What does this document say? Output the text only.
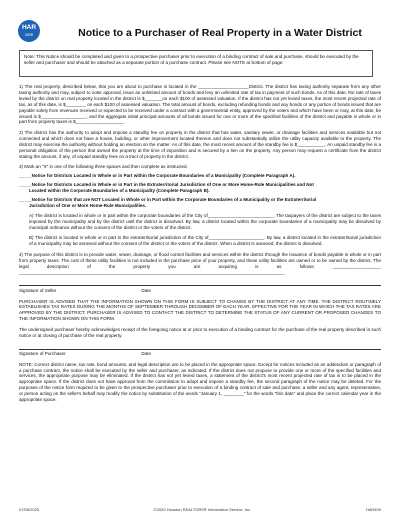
HAR
com	Notice to a Purchaser of Real Property in a Water District
Note: This Notice should be completed and given to a prospective purchaser prior to execution of a binding contract of sale and purchase, should be executed by the seller and purchaser and should be attached as a separate portion of a purchase contract. Please see NOTE at bottom of page.

1) The real property, described below, that you are about to purchase is located in the ____________________District. The district has taxing authority separate from any other taxing authority and may, subject to voter approval, issue an unlimited amount of bonds and levy an unlimited rate of tax in payment of such bonds. As of this date, the rate of taxes levied by the district on real property located in the district is $_______on each $100 of assessed valuation. If the district has not yet levied taxes, the most recent projected rate of tax, as of this date, is $________ on each $100 of assessed valuation. The total amount of bonds, excluding refunding bonds and any bonds or any portion of bonds issued that are payable solely from revenues received or expected to be received under a contract with a governmental entity, approved by the voters and which have been or may, at this date, be issued is $__________________, and the aggregate initial principal amounts of all bonds issued for one or more of the specified facilities of the district and payable in whole or in part from property taxes is $___________________.

2) The district has the authority to adopt and impose a standby fee on property in the district that has water, sanitary sewer, or drainage facilities and services available but not connected and which does not have a house, building, or other improvement located thereon and does not substantially utilize the utility capacity available to the property. The district may exercise the authority without holding an election on the matter. As of this date, the most recent amount of the standby fee is $___________. An unpaid standby fee is a personal obligation of the person that owned the property at the time of imposition and is secured by a lien on the property. Any person may request a certificate from the district stating the amount, if any, of unpaid standby fees on a tract of property in the district.

3) Mark an "X" in one of the following three spaces and then complete as instructed.

_____Notice for Districts Located in Whole or in Part within the Corporate Boundaries of a Municipality (Complete Paragraph A).

_____Notice for Districts Located in Whole or in Part in the Extraterritorial Jurisdiction of One or More Home-Rule Municipalities and Not

Located within the Corporate Boundaries of a Municipality (Complete Paragraph B).

_____Notice for Districts that are NOT Located in Whole or in Part within the Corporate Boundaries of a Municipality or the Extraterritorial

Jurisdiction of One or More Home-Rule Municipalities.

A) The district is located in whole or in part within the corporate boundaries of the City of__________________________. The taxpayers of the district are subject to the taxes imposed by the municipality and by the district until the district is dissolved. By law, a district located within the corporate boundaries of a municipality may be dissolved by municipal ordinance without the consent of the district or the voters of the district.

B) The district is located in whole or in part in the extraterritorial jurisdiction of the City of______________________. By law, a district located in the extraterritorial jurisdiction of a municipality may be annexed without the consent of the district or the voters of the district. When a district is annexed, the district is dissolved.

4) The purpose of this district is to provide water, sewer, drainage, or flood control facilities and services within the district through the issuance of bonds payable in whole or in part from property taxes. The cost of these utility facilities is not included in the purchase price of your property, and these utility facilities are owned or to be owned by the district. The legal description of the property you are acquiring is as follows: ___________________ _________________________________________________________________________________________________________

Signature of Seller	Date

PURCHASER IS ADVISED THAT THE INFORMATION SHOWN ON THIS FORM IS SUBJECT TO CHANGE BY THE DISTRICT AT ANY TIME. THE DISTRICT ROUTINELY ESTABLISHES TAX RATES DURING THE MONTHS OF SEPTEMBER THROUGH DECEMBER OF EACH YEAR, EFFECTIVE FOR THE YEAR IN WHICH THE TAX RATES ARE APPROVED BY THE DISTRICT. PURCHASER IS ADVISED TO CONTACT THE DISTRICT TO DETERMINE THE STATUS OF ANY CURRENT OR PROPOSED CHANGES TO THE INFORMATION SHOWN ON THIS FORM.

The undersigned purchaser hereby acknowledges receipt of the foregoing notice at or prior to execution of a binding contract for the purchase of the real property described in such notice or at closing of purchase of the real property.

Signature of Purchaser	Date

NOTE: Correct district name, tax rate, bond amounts, and legal description are to be placed in the appropriate space. Except for notices included as an addendum or paragraph of a purchase contract, the notice shall be executed by the seller and purchaser, as indicated. If the district does not propose to provide one or more of the specified facilities and services, the appropriate purpose may be eliminated. If the district has not yet levied taxes, a statement of the district's most recent projected rate of tax is to be placed in the appropriate space. If the district does not have approval from the commission to adopt and impose a standby fee, the second paragraph of the notice may be deleted. For the purposes of the notice form required to be given to the prospective purchaser prior to execution of a binding contract of sale and purchase, a seller and any agent, representative, or person acting on the seller's behalf may modify the notice by substitution of the words "January 1, ________" for the words "this date" and place the correct calendar year in the appropriate space.

07/06/2020	©2020 Houston REALTORS® Information Service, Inc.	HAR400
